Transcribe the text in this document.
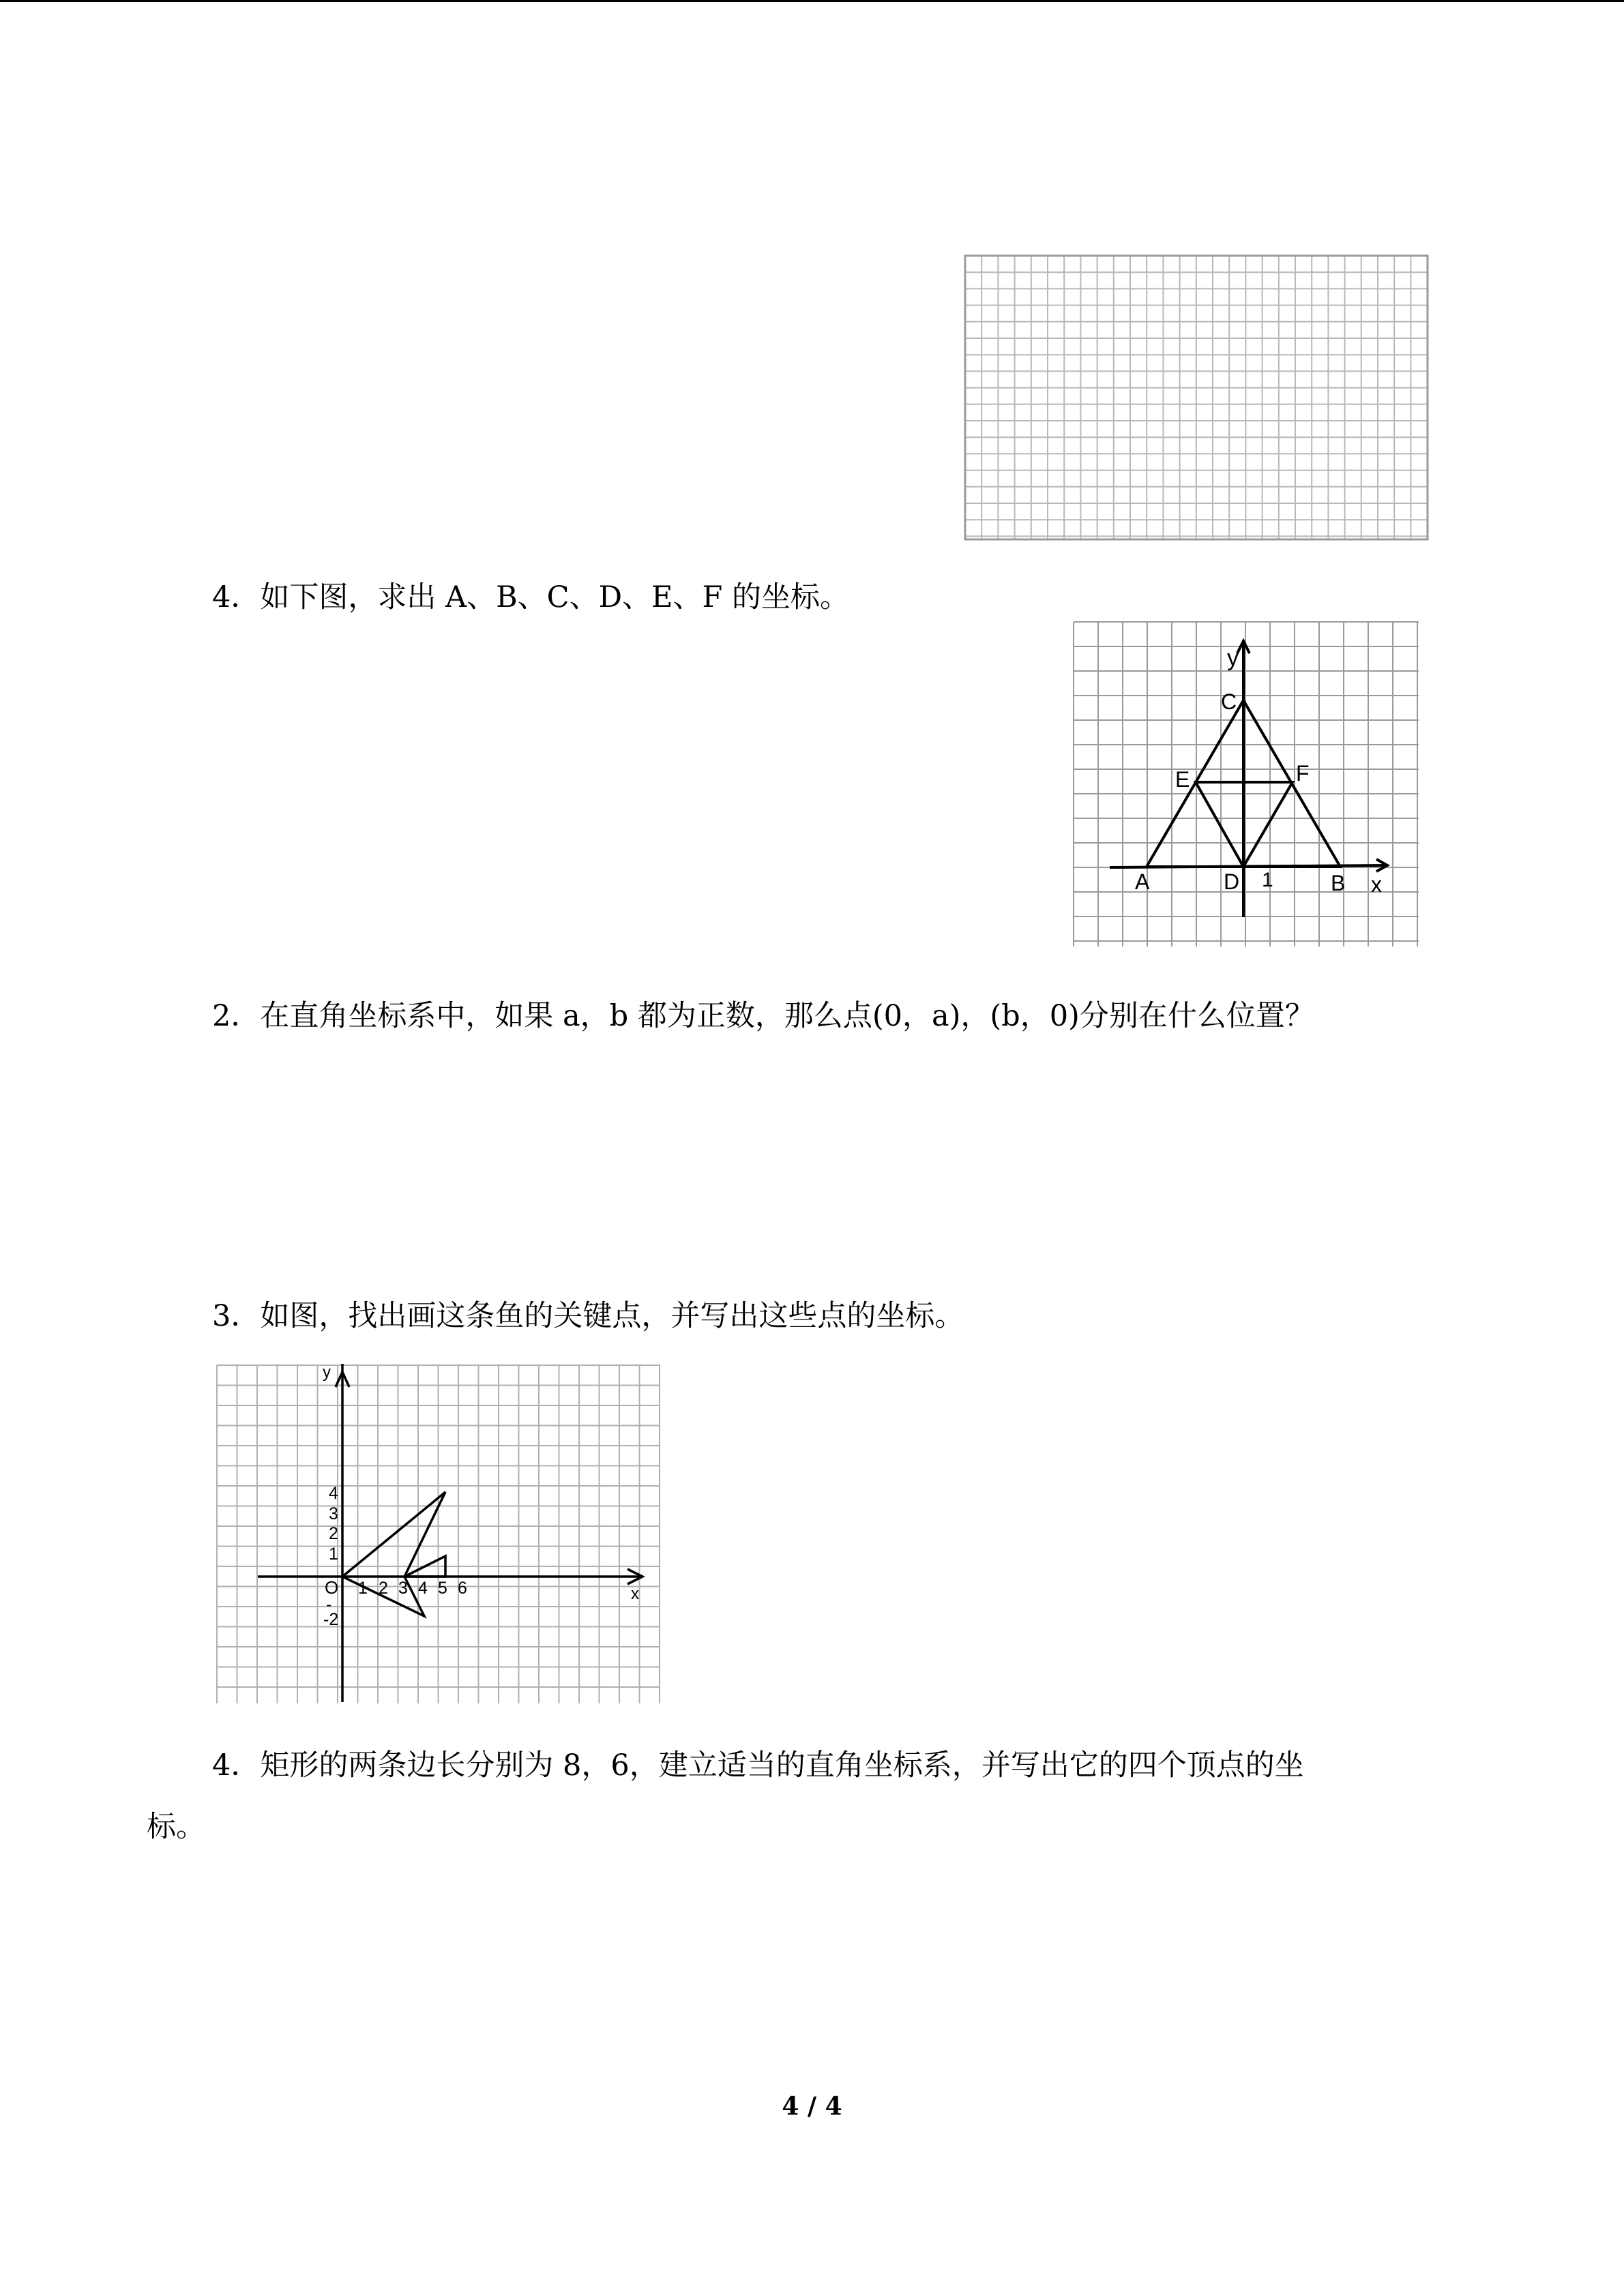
4．如下图，求出 A、B、C、D、E、F 的坐标。

y
x
C
E	F
A	D 1	B

2．在直角坐标系中，如果 a，b 都为正数，那么点(0，a)，(b，0)分别在什么位置？

3．如图，找出画这条鱼的关键点，并写出这些点的坐标。

y
x
O 1 2 3 4 5 6
4
3
2
1
-
-2

4．矩形的两条边长分别为 8，6，建立适当的直角坐标系，并写出它的四个顶点的坐

标。

4 / 4
